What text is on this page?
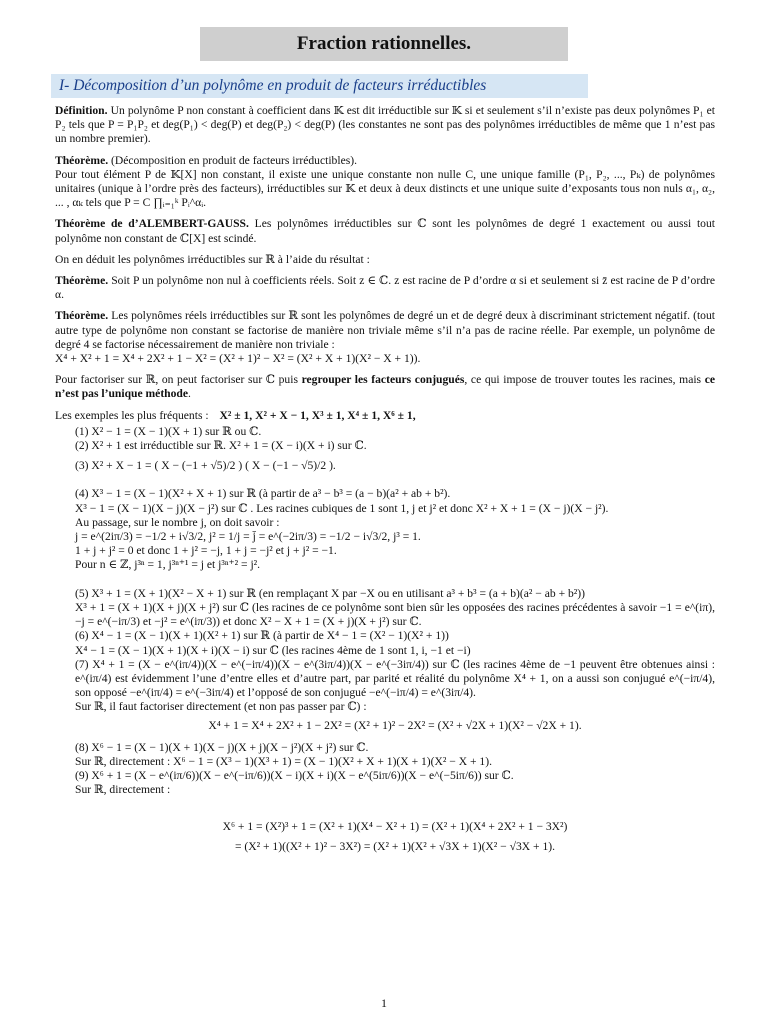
Fraction rationnelles.
I- Décomposition d’un polynôme en produit de facteurs irréductibles

Définition. Un polynôme P non constant à coefficient dans 𝕂 est dit irréductible sur 𝕂 si et seulement s’il n’existe pas deux polynômes P₁ et P₂ tels que P = P₁P₂ et deg(P₁) < deg(P) et deg(P₂) < deg(P) (les constantes ne sont pas des polynômes irréductibles de même que 1 n’est pas un nombre premier).

Théorème. (Décomposition en produit de facteurs irréductibles).
Pour tout élément P de 𝕂[X] non constant, il existe une unique constante non nulle C, une unique famille (P₁, P₂, ..., Pₖ) de polynômes unitaires (unique à l’ordre près des facteurs), irréductibles sur 𝕂 et deux à deux distincts et une unique suite d’exposants tous non nuls α₁, α₂, ... , αₖ tels que P = C ∏ᵢ₌₁ᵏ Pᵢ^αᵢ.

Théorème de d’ALEMBERT-GAUSS. Les polynômes irréductibles sur ℂ sont les polynômes de degré 1 exactement ou aussi tout polynôme non constant de ℂ[X] est scindé.

On en déduit les polynômes irréductibles sur ℝ à l’aide du résultat :

Théorème. Soit P un polynôme non nul à coefficients réels. Soit z ∈ ℂ. z est racine de P d’ordre α si et seulement si z̄ est racine de P d’ordre α.

Théorème. Les polynômes réels irréductibles sur ℝ sont les polynômes de degré un et de degré deux à discriminant strictement négatif. (tout autre type de polynôme non constant se factorise de manière non triviale même s’il n’a pas de racine réelle. Par exemple, un polynôme de degré 4 se factorise nécessairement de manière non triviale :
X⁴ + X² + 1 = X⁴ + 2X² + 1 − X² = (X² + 1)² − X² = (X² + X + 1)(X² − X + 1)).

Pour factoriser sur ℝ, on peut factoriser sur ℂ puis regrouper les facteurs conjugués, ce qui impose de trouver toutes les racines, mais ce n’est pas l’unique méthode.

Les exemples les plus fréquents : X² ± 1, X² + X − 1, X³ ± 1, X⁴ ± 1, X⁶ ± 1,
(1) X² − 1 = (X − 1)(X + 1) sur ℝ ou ℂ.
(2) X² + 1 est irréductible sur ℝ. X² + 1 = (X − i)(X + i) sur ℂ.
(3) X² + X − 1 = ( X − (−1 + √5)/2 ) ( X − (−1 − √5)/2 ).
(4) X³ − 1 = (X − 1)(X² + X + 1) sur ℝ (à partir de a³ − b³ = (a − b)(a² + ab + b²).
X³ − 1 = (X − 1)(X − j)(X − j²) sur ℂ . Les racines cubiques de 1 sont 1, j et j² et donc X² + X + 1 = (X − j)(X − j²).
Au passage, sur le nombre j, on doit savoir :
j = e^(2iπ/3) = −1/2 + i√3/2, j² = 1/j = j̄ = e^(−2iπ/3) = −1/2 − i√3/2, j³ = 1.
1 + j + j² = 0 et donc 1 + j² = −j, 1 + j = −j² et j + j² = −1.
Pour n ∈ ℤ, j³ⁿ = 1, j³ⁿ⁺¹ = j et j³ⁿ⁺² = j².
(5) X³ + 1 = (X + 1)(X² − X + 1) sur ℝ (en remplaçant X par −X ou en utilisant a³ + b³ = (a + b)(a² − ab + b²))
X³ + 1 = (X + 1)(X + j)(X + j²) sur ℂ (les racines de ce polynôme sont bien sûr les opposées des racines précédentes à savoir −1 = e^(iπ), −j = e^(−iπ/3) et −j² = e^(iπ/3)) et donc X² − X + 1 = (X + j)(X + j²) sur ℂ.
(6) X⁴ − 1 = (X − 1)(X + 1)(X² + 1) sur ℝ (à partir de X⁴ − 1 = (X² − 1)(X² + 1))
X⁴ − 1 = (X − 1)(X + 1)(X + i)(X − i) sur ℂ (les racines 4ème de 1 sont 1, i, −1 et −i)
(7) X⁴ + 1 = (X − e^(iπ/4))(X − e^(−iπ/4))(X − e^(3iπ/4))(X − e^(−3iπ/4)) sur ℂ (les racines 4ème de −1 peuvent être obtenues ainsi : e^(iπ/4) est évidemment l’une d’entre elles et d’autre part, par parité et réalité du polynôme X⁴ + 1, on a aussi son conjugué e^(−iπ/4), son opposé −e^(iπ/4) = e^(−3iπ/4) et l’opposé de son conjugué −e^(−iπ/4) = e^(3iπ/4).
Sur ℝ, il faut factoriser directement (et non pas passer par ℂ) :
X⁴ + 1 = X⁴ + 2X² + 1 − 2X² = (X² + 1)² − 2X² = (X² + √2X + 1)(X² − √2X + 1).
(8) X⁶ − 1 = (X − 1)(X + 1)(X − j)(X + j)(X − j²)(X + j²) sur ℂ.
Sur ℝ, directement : X⁶ − 1 = (X³ − 1)(X³ + 1) = (X − 1)(X² + X + 1)(X + 1)(X² − X + 1).
(9) X⁶ + 1 = (X − e^(iπ/6))(X − e^(−iπ/6))(X − i)(X + i)(X − e^(5iπ/6))(X − e^(−5iπ/6)) sur ℂ.
Sur ℝ, directement :
X⁶ + 1 = (X²)³ + 1 = (X² + 1)(X⁴ − X² + 1) = (X² + 1)(X⁴ + 2X² + 1 − 3X²)
= (X² + 1)((X² + 1)² − 3X²) = (X² + 1)(X² + √3X + 1)(X² − √3X + 1).
1
